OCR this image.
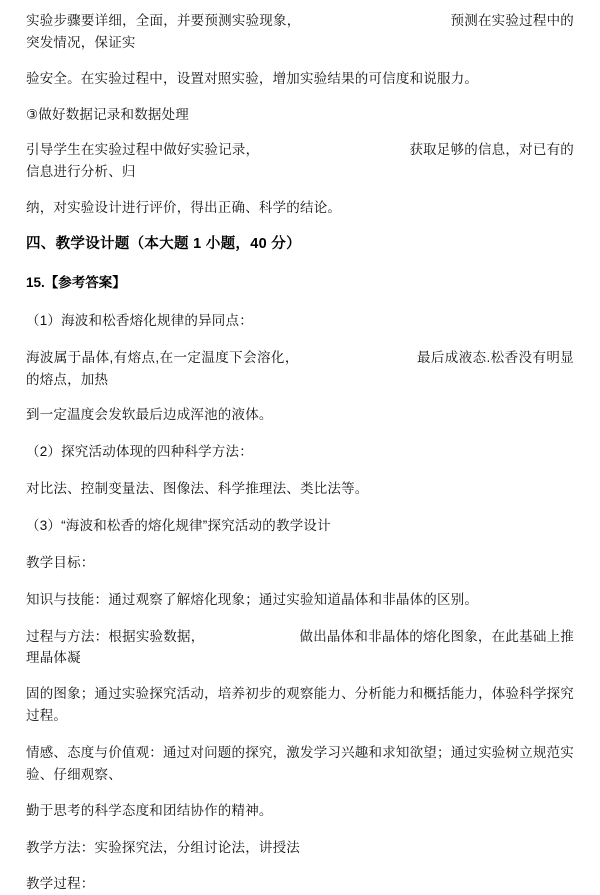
实验步骤要详细，全面，并要预测实验现象，	预测在实验过程中的突发情况，保证实

验安全。在实验过程中，设置对照实验，增加实验结果的可信度和说服力。

③做好数据记录和数据处理

引导学生在实验过程中做好实验记录，	获取足够的信息，对已有的信息进行分析、归

纳，对实验设计进行评价，得出正确、科学的结论。

四、教学设计题（本大题 1 小题，40 分）

15.【参考答案】

（1）海波和松香熔化规律的异同点：

海波属于晶体,有熔点,在一定温度下会溶化，	最后成液态.松香没有明显的熔点，加热

到一定温度会发软最后边成浑池的液体。

（2）探究活动体现的四种科学方法：

对比法、控制变量法、图像法、科学推理法、类比法等。

（3）“海波和松香的熔化规律”探究活动的教学设计

教学目标：

知识与技能：通过观察了解熔化现象；通过实验知道晶体和非晶体的区别。

过程与方法：根据实验数据，	做出晶体和非晶体的熔化图象，在此基础上推理晶体凝

固的图象；通过实验探究活动，培养初步的观察能力、分析能力和概括能力，体验科学探究过程。

情感、态度与价值观：通过对问题的探究，激发学习兴趣和求知欲望；通过实验树立规范实验、仔细观察、

勤于思考的科学态度和团结协作的精神。

教学方法：实验探究法，分组讨论法，讲授法

教学过程：
